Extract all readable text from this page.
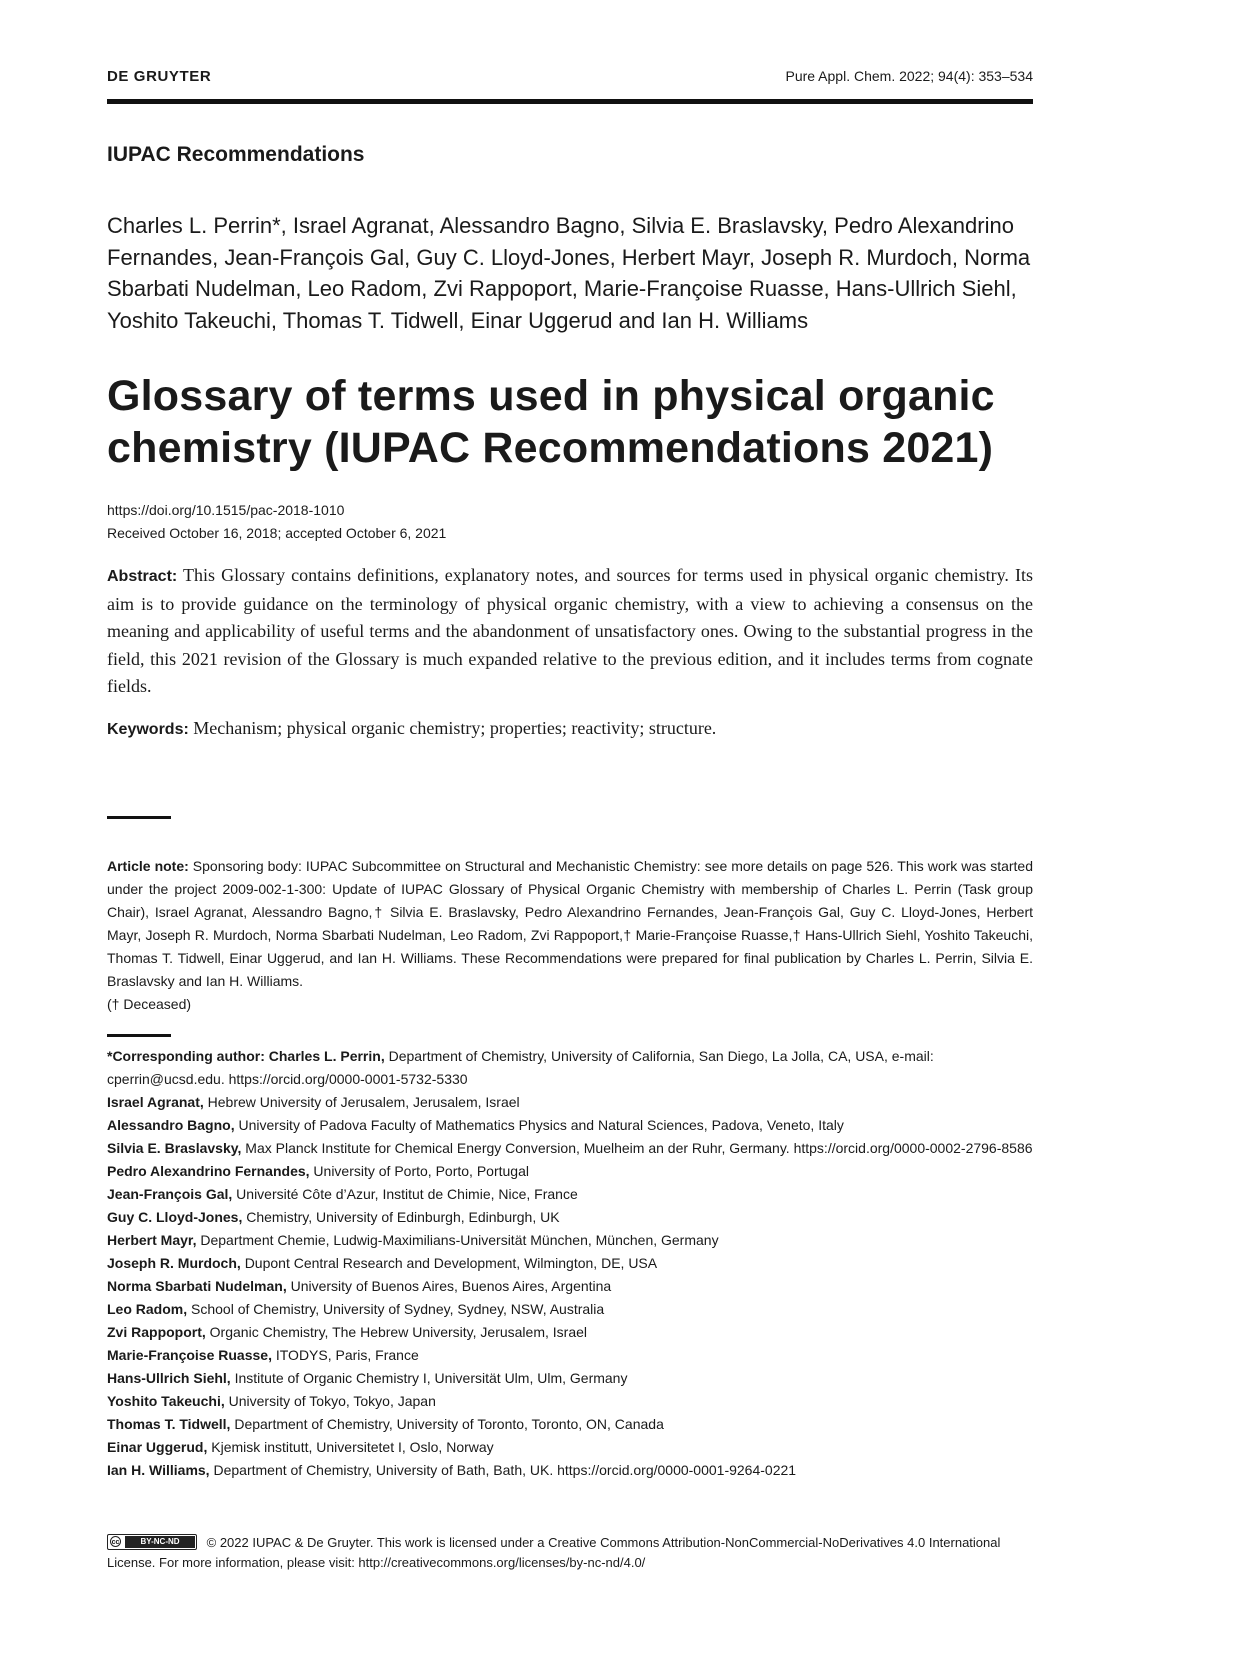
DE GRUYTER	Pure Appl. Chem. 2022; 94(4): 353–534
IUPAC Recommendations
Charles L. Perrin*, Israel Agranat, Alessandro Bagno, Silvia E. Braslavsky, Pedro Alexandrino Fernandes, Jean-François Gal, Guy C. Lloyd-Jones, Herbert Mayr, Joseph R. Murdoch, Norma Sbarbati Nudelman, Leo Radom, Zvi Rappoport, Marie-Françoise Ruasse, Hans-Ullrich Siehl, Yoshito Takeuchi, Thomas T. Tidwell, Einar Uggerud and Ian H. Williams
Glossary of terms used in physical organic chemistry (IUPAC Recommendations 2021)
https://doi.org/10.1515/pac-2018-1010
Received October 16, 2018; accepted October 6, 2021
Abstract: This Glossary contains definitions, explanatory notes, and sources for terms used in physical organic chemistry. Its aim is to provide guidance on the terminology of physical organic chemistry, with a view to achieving a consensus on the meaning and applicability of useful terms and the abandonment of unsatisfactory ones. Owing to the substantial progress in the field, this 2021 revision of the Glossary is much expanded relative to the previous edition, and it includes terms from cognate fields.
Keywords: Mechanism; physical organic chemistry; properties; reactivity; structure.
Article note: Sponsoring body: IUPAC Subcommittee on Structural and Mechanistic Chemistry: see more details on page 526. This work was started under the project 2009-002-1-300: Update of IUPAC Glossary of Physical Organic Chemistry with membership of Charles L. Perrin (Task group Chair), Israel Agranat, Alessandro Bagno,† Silvia E. Braslavsky, Pedro Alexandrino Fernandes, Jean-François Gal, Guy C. Lloyd-Jones, Herbert Mayr, Joseph R. Murdoch, Norma Sbarbati Nudelman, Leo Radom, Zvi Rappoport,† Marie-Françoise Ruasse,† Hans-Ullrich Siehl, Yoshito Takeuchi, Thomas T. Tidwell, Einar Uggerud, and Ian H. Williams. These Recommendations were prepared for final publication by Charles L. Perrin, Silvia E. Braslavsky and Ian H. Williams.
(† Deceased)
*Corresponding author: Charles L. Perrin, Department of Chemistry, University of California, San Diego, La Jolla, CA, USA, e-mail: cperrin@ucsd.edu. https://orcid.org/0000-0001-5732-5330
Israel Agranat, Hebrew University of Jerusalem, Jerusalem, Israel
Alessandro Bagno, University of Padova Faculty of Mathematics Physics and Natural Sciences, Padova, Veneto, Italy
Silvia E. Braslavsky, Max Planck Institute for Chemical Energy Conversion, Muelheim an der Ruhr, Germany. https://orcid.org/0000-0002-2796-8586
Pedro Alexandrino Fernandes, University of Porto, Porto, Portugal
Jean-François Gal, Université Côte d’Azur, Institut de Chimie, Nice, France
Guy C. Lloyd-Jones, Chemistry, University of Edinburgh, Edinburgh, UK
Herbert Mayr, Department Chemie, Ludwig-Maximilians-Universität München, München, Germany
Joseph R. Murdoch, Dupont Central Research and Development, Wilmington, DE, USA
Norma Sbarbati Nudelman, University of Buenos Aires, Buenos Aires, Argentina
Leo Radom, School of Chemistry, University of Sydney, Sydney, NSW, Australia
Zvi Rappoport, Organic Chemistry, The Hebrew University, Jerusalem, Israel
Marie-Françoise Ruasse, ITODYS, Paris, France
Hans-Ullrich Siehl, Institute of Organic Chemistry I, Universität Ulm, Ulm, Germany
Yoshito Takeuchi, University of Tokyo, Tokyo, Japan
Thomas T. Tidwell, Department of Chemistry, University of Toronto, Toronto, ON, Canada
Einar Uggerud, Kjemisk institutt, Universitetet I, Oslo, Norway
Ian H. Williams, Department of Chemistry, University of Bath, Bath, UK. https://orcid.org/0000-0001-9264-0221
cc	BY-NC-ND	© 2022 IUPAC & De Gruyter. This work is licensed under a Creative Commons Attribution-NonCommercial-NoDerivatives 4.0 International License. For more information, please visit: http://creativecommons.org/licenses/by-nc-nd/4.0/
